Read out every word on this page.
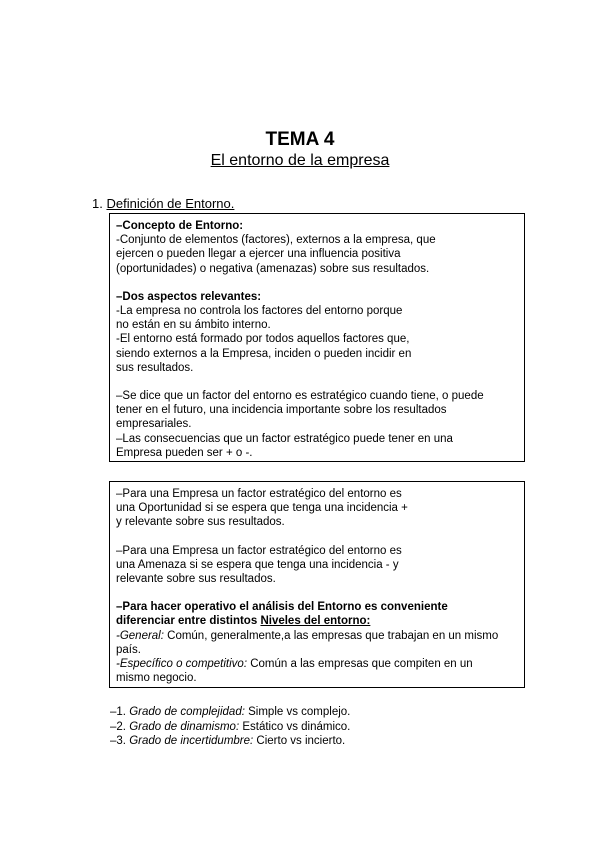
TEMA 4
El entorno de la empresa
1. Definición de Entorno.

–Concepto de Entorno:

-Conjunto de elementos (factores), externos a la empresa, que
ejercen o pueden llegar a ejercer una influencia positiva
(oportunidades) o negativa (amenazas) sobre sus resultados.

–Dos aspectos relevantes:

-La empresa no controla los factores del entorno porque
no están en su ámbito interno.
-El entorno está formado por todos aquellos factores que,
siendo externos a la Empresa, inciden o pueden incidir en
sus resultados.

–Se dice que un factor del entorno es estratégico cuando tiene, o puede
tener en el futuro, una incidencia importante sobre los resultados
empresariales.
–Las consecuencias que un factor estratégico puede tener en una
Empresa pueden ser + o -.

–Para una Empresa un factor estratégico del entorno es
una Oportunidad si se espera que tenga una incidencia +
y relevante sobre sus resultados.

–Para una Empresa un factor estratégico del entorno es
una Amenaza si se espera que tenga una incidencia - y
relevante sobre sus resultados.

–Para hacer operativo el análisis del Entorno es conveniente
diferenciar entre distintos Niveles del entorno:

-General: Común, generalmente,a las empresas que trabajan en un mismo
país.

-Específico o competitivo: Común a las empresas que compiten en un
mismo negocio.

–1. Grado de complejidad: Simple vs complejo.
–2. Grado de dinamismo: Estático vs dinámico.
–3. Grado de incertidumbre: Cierto vs incierto.
